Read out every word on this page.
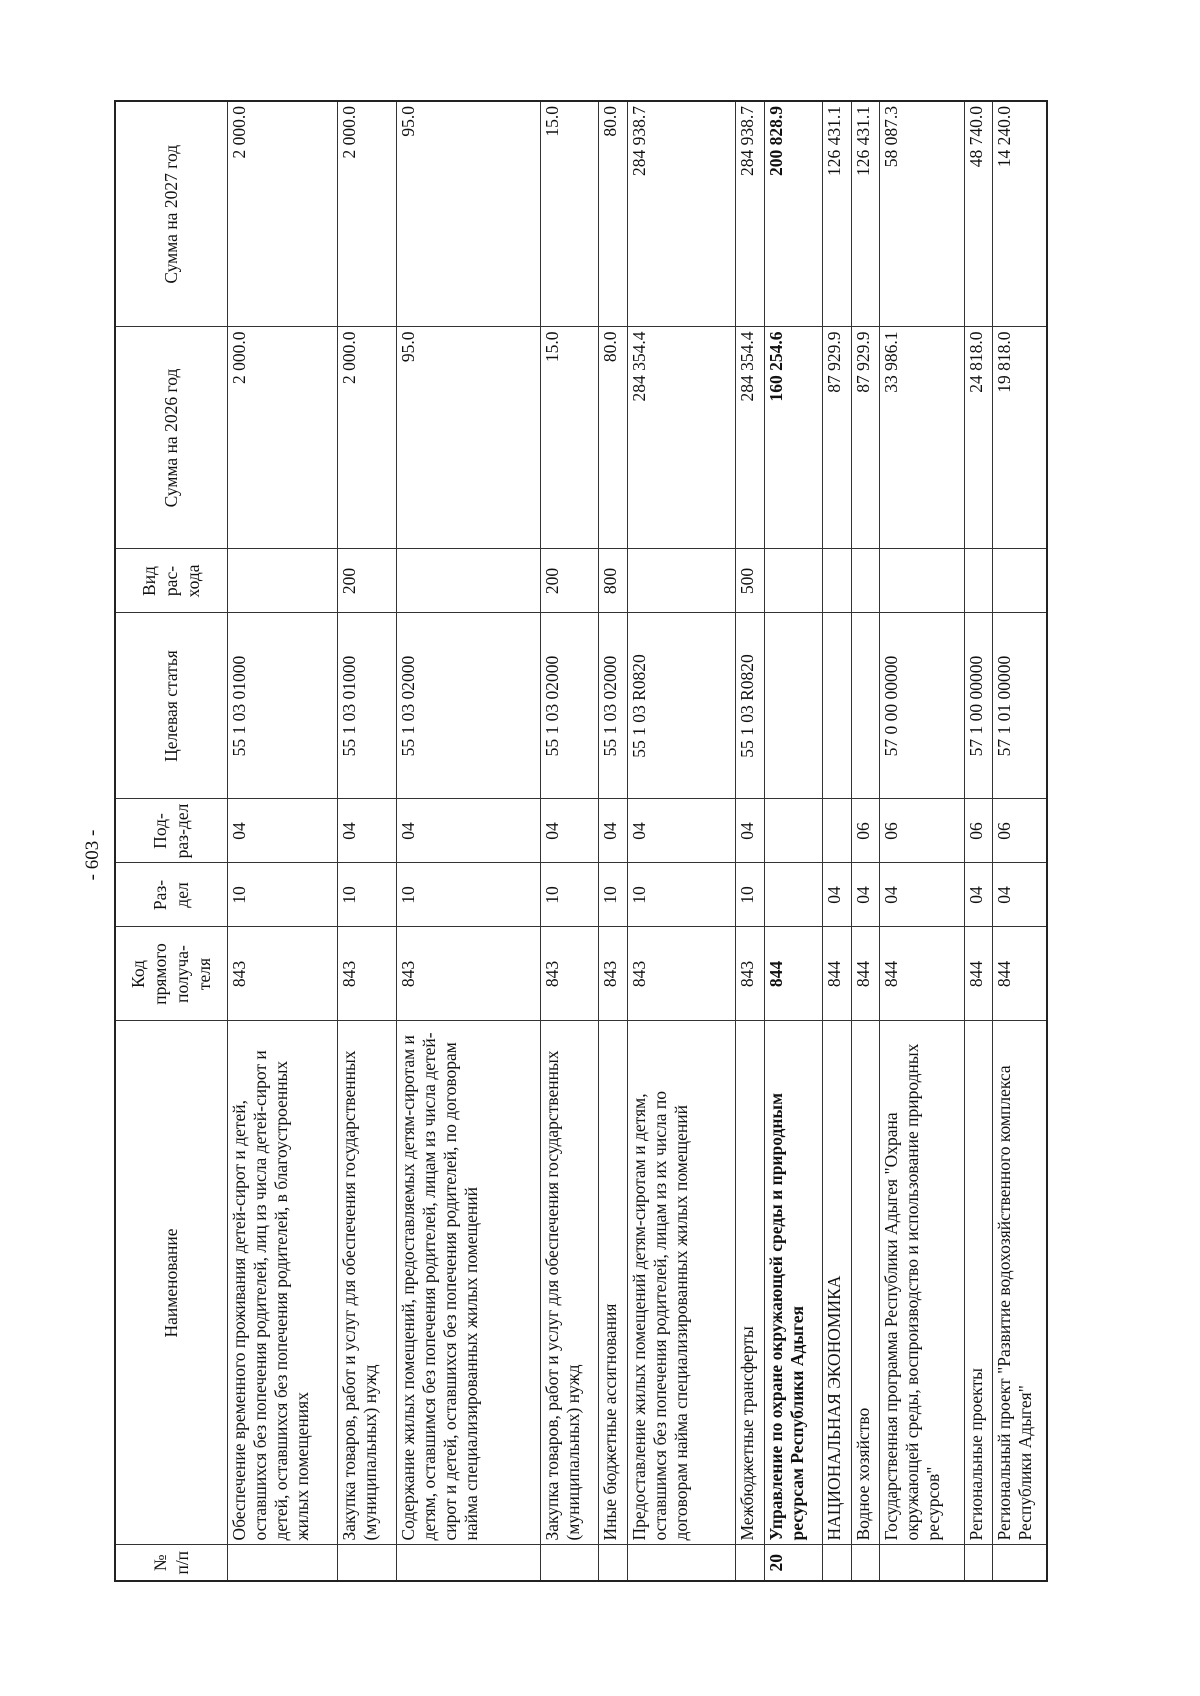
- 603 -
№ п/п	Наименование	Код прямого получа-теля	Раз-дел	Под-раз-дел	Целевая статья	Вид рас-хода	Сумма на 2026 год	Сумма на 2027 год
	Обеспечение временного проживания детей-сирот и детей, оставшихся без попечения родителей, лиц из числа детей-сирот и детей, оставшихся без попечения родителей, в благоустроенных жилых помещениях	843	10	04	55 1 03 01000		2 000.0	2 000.0
	Закупка товаров, работ и услуг для обеспечения государственных (муниципальных) нужд	843	10	04	55 1 03 01000	200	2 000.0	2 000.0
	Содержание жилых помещений, предоставляемых детям-сиротам и детям, оставшимся без попечения родителей, лицам из числа детей-сирот и детей, оставшихся без попечения родителей, по договорам найма специализированных жилых помещений	843	10	04	55 1 03 02000		95.0	95.0
	Закупка товаров, работ и услуг для обеспечения государственных (муниципальных) нужд	843	10	04	55 1 03 02000	200	15.0	15.0
	Иные бюджетные ассигнования	843	10	04	55 1 03 02000	800	80.0	80.0
	Предоставление жилых помещений детям-сиротам и детям, оставшимся без попечения родителей, лицам из их числа по договорам найма специализированных жилых помещений	843	10	04	55 1 03 R0820		284 354.4	284 938.7
	Межбюджетные трансферты	843	10	04	55 1 03 R0820	500	284 354.4	284 938.7
20	Управление по охране окружающей среды и природным ресурсам Республики Адыгея	844					160 254.6	200 828.9
	НАЦИОНАЛЬНАЯ ЭКОНОМИКА	844	04				87 929.9	126 431.1
	Водное хозяйство	844	04	06			87 929.9	126 431.1
	Государственная программа Республики Адыгея "Охрана окружающей среды, воспроизводство и использование природных ресурсов"	844	04	06	57 0 00 00000		33 986.1	58 087.3
	Региональные проекты	844	04	06	57 1 00 00000		24 818.0	48 740.0
	Региональный проект "Развитие водохозяйственного комплекса Республики Адыгея"	844	04	06	57 1 01 00000		19 818.0	14 240.0
